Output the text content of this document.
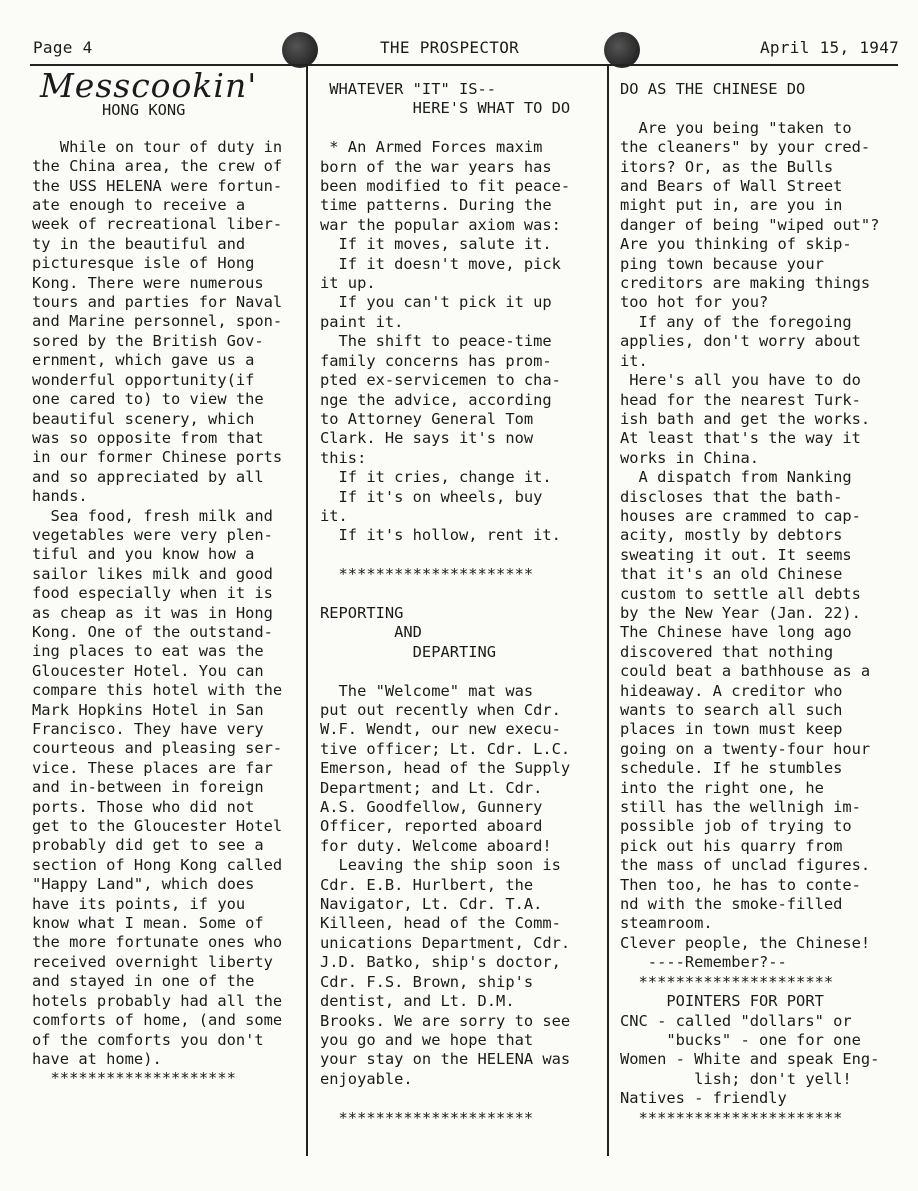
Page 4	THE PROSPECTOR	April 15, 1947
Messcookin'

HONG KONG

While on tour of duty in

the China area, the crew of

the USS HELENA were fortun-

ate enough to receive a

week of recreational liber-

ty in the beautiful and

picturesque isle of Hong

Kong. There were numerous

tours and parties for Naval

and Marine personnel, spon-

sored by the British Gov-

ernment, which gave us a

wonderful opportunity(if

one cared to) to view the

beautiful scenery, which

was so opposite from that

in our former Chinese ports

and so appreciated by all

hands.

Sea food, fresh milk and

vegetables were very plen-

tiful and you know how a

sailor likes milk and good

food especially when it is

as cheap as it was in Hong

Kong. One of the outstand-

ing places to eat was the

Gloucester Hotel. You can

compare this hotel with the

Mark Hopkins Hotel in San

Francisco. They have very

courteous and pleasing ser-

vice. These places are far

and in-between in foreign

ports. Those who did not

get to the Gloucester Hotel

probably did get to see a

section of Hong Kong called

"Happy Land", which does

have its points, if you

know what I mean. Some of

the more fortunate ones who

received overnight liberty

and stayed in one of the

hotels probably had all the

comforts of home, (and some

of the comforts you don't

have at home).

********************

WHATEVER "IT" IS--

HERE'S WHAT TO DO

* An Armed Forces maxim

born of the war years has

been modified to fit peace-

time patterns. During the

war the popular axiom was:

If it moves, salute it.

If it doesn't move, pick

it up.

If you can't pick it up

paint it.

The shift to peace-time

family concerns has prom-

pted ex-servicemen to cha-

nge the advice, according

to Attorney General Tom

Clark. He says it's now

this:

If it cries, change it.

If it's on wheels, buy

it.

If it's hollow, rent it.

*********************

REPORTING

AND

DEPARTING

The "Welcome" mat was

put out recently when Cdr.

W.F. Wendt, our new execu-

tive officer; Lt. Cdr. L.C.

Emerson, head of the Supply

Department; and Lt. Cdr.

A.S. Goodfellow, Gunnery

Officer, reported aboard

for duty. Welcome aboard!

Leaving the ship soon is

Cdr. E.B. Hurlbert, the

Navigator, Lt. Cdr. T.A.

Killeen, head of the Comm-

unications Department, Cdr.

J.D. Batko, ship's doctor,

Cdr. F.S. Brown, ship's

dentist, and Lt. D.M.

Brooks. We are sorry to see

you go and we hope that

your stay on the HELENA was

enjoyable.

*********************

DO AS THE CHINESE DO

Are you being "taken to

the cleaners" by your cred-

itors? Or, as the Bulls

and Bears of Wall Street

might put in, are you in

danger of being "wiped out"?

Are you thinking of skip-

ping town because your

creditors are making things

too hot for you?

If any of the foregoing

applies, don't worry about

it.

Here's all you have to do

head for the nearest Turk-

ish bath and get the works.

At least that's the way it

works in China.

A dispatch from Nanking

discloses that the bath-

houses are crammed to cap-

acity, mostly by debtors

sweating it out. It seems

that it's an old Chinese

custom to settle all debts

by the New Year (Jan. 22).

The Chinese have long ago

discovered that nothing

could beat a bathhouse as a

hideaway. A creditor who

wants to search all such

places in town must keep

going on a twenty-four hour

schedule. If he stumbles

into the right one, he

still has the wellnigh im-

possible job of trying to

pick out his quarry from

the mass of unclad figures.

Then too, he has to conte-

nd with the smoke-filled

steamroom.

Clever people, the Chinese!

----Remember?--

*********************

POINTERS FOR PORT

CNC - called "dollars" or

"bucks" - one for one

Women - White and speak Eng-

lish; don't yell!

Natives - friendly

**********************
